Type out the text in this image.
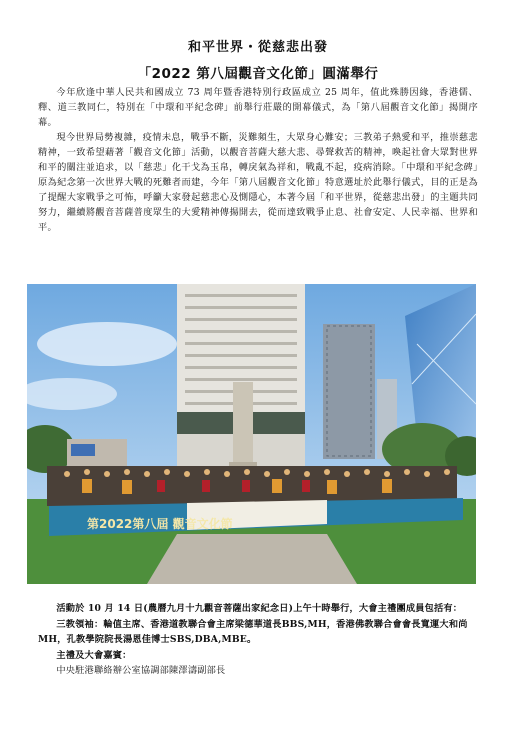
和平世界・從慈悲出發
「2022 第八屆觀音文化節」圓滿舉行

今年欣逢中華人民共和國成立 73 周年暨香港特別行政區成立 25 周年，值此殊勝因緣，香港儒、釋、道三教同仁，特別在「中環和平紀念碑」前舉行莊嚴的開幕儀式，為「第八屆觀音文化節」揭開序幕。

現今世界局勢複雜，疫情未息，戰爭不斷，災難頻生，大眾身心難安；三教弟子熱愛和平，推崇慈悲精神，一致希望藉著「觀音文化節」活動，以觀音菩薩大慈大悲、尋聲救苦的精神，喚起社會大眾對世界和平的關注並追求，以「慈悲」化干戈為玉帛，轉戾氣為祥和，戰亂不起，疫病消除。「中環和平紀念碑」原為紀念第一次世界大戰的死難者而建，今年「第八屆觀音文化節」特意選址於此舉行儀式，目的正是為了提醒大家戰爭之可怖，呼籲大家發起慈悲心及惻隱心，本著今屆「和平世界，從慈悲出發」的主題共同努力，繼續將觀音菩薩普度眾生的大愛精神傳揚開去，從而達致戰爭止息、社會安定、人民幸福、世界和平。

第2022第八屆 觀音文化節

活動於 10 月 14 日(農曆九月十九觀音菩薩出家紀念日)上午十時舉行，大會主禮團成員包括有：

三教領袖：輪值主席、香港道教聯合會主席梁德華道長BBS,MH，香港佛教聯合會會長寬運大和尚MH，孔教學院院長湯恩佳博士SBS,DBA,MBE。

主禮及大會嘉賓：

中央駐港聯絡辦公室協調部陳澤濤副部長
